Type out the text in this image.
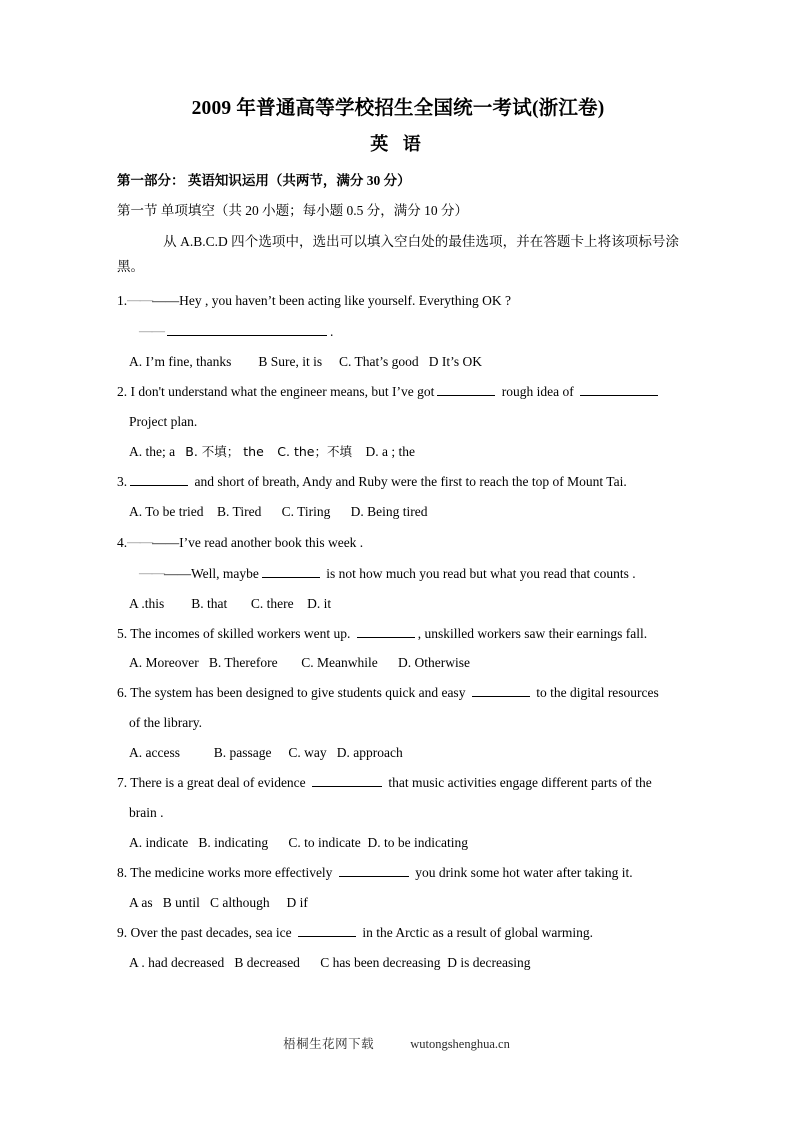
2009 年普通高等学校招生全国统一考试(浙江卷)
英 语

第一部分： 英语知识运用（共两节，满分 30 分）

第一节 单项填空（共 20 小题；每小题 0.5 分，满分 10 分）

从 A.B.C.D 四个选项中，选出可以填入空白处的最佳选项，并在答题卡上将该项标号涂黑。

1.————Hey , you haven’t been acting like yourself. Everything OK ?
——	.
A. I’m fine, thanks B Sure, it is C. That’s good D It’s OK
2. I don't understand what the engineer means, but I’ve got	rough idea of
Project plan.
A. the; a B. 不填； the C. the；不填 D. a ; the
3.	and short of breath, Andy and Ruby were the first to reach the top of Mount Tai.
A. To be tried B. Tired C. Tiring D. Being tired
4.————I’ve read another book this week .
————Well, maybe	is not how much you read but what you read that counts .
A .this B. that C. there D. it
5. The incomes of skilled workers went up.	, unskilled workers saw their earnings fall.
A. Moreover B. Therefore C. Meanwhile D. Otherwise
6. The system has been designed to give students quick and easy	to the digital resources
of the library.
A. access	B. passage C. way D. approach
7. There is a great deal of evidence	that music activities engage different parts of the
brain .
A. indicate B. indicating C. to indicate D. to be indicating
8. The medicine works more effectively	you drink some hot water after taking it.
A as B until C although D if
9. Over the past decades, sea ice	in the Arctic as a result of global warming.
A . had decreased B decreased C has been decreasing D is decreasing
梧桐生花网下载	wutongshenghua.cn
